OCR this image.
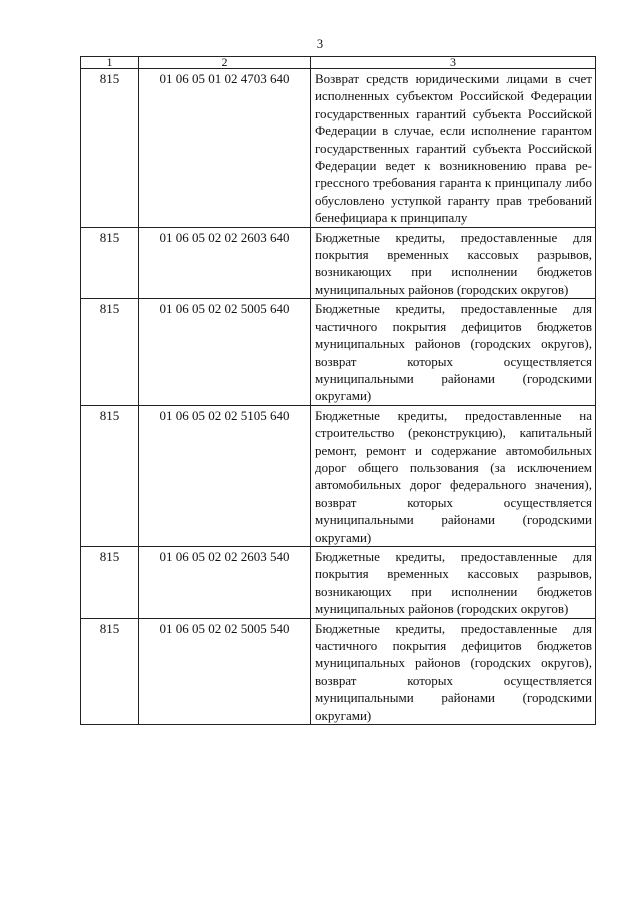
3
1	2	3

815	01 06 05 01 02 4703 640	Возврат средств юридическими лицами в счет исполненных субъектом Российской Федерации государственных гарантий субъекта Российской Федерации в случае, если исполнение гарантом государственных гарантий субъекта Российской Федерации ведет к возникновению права регрессного требования гаранта к принципалу либо обусловлено уступкой гаранту прав требований бенефициара к принципалу

815	01 06 05 02 02 2603 640	Бюджетные кредиты, предоставленные для покрытия временных кассовых разрывов, возникающих при исполнении бюджетов муниципальных районов (городских округов)

815	01 06 05 02 02 5005 640	Бюджетные кредиты, предоставленные для частичного покрытия дефицитов бюджетов муниципальных районов (городских округов), возврат которых осуществляется муниципальными районами (городскими округами)

815	01 06 05 02 02 5105 640	Бюджетные кредиты, предоставленные на строительство (реконструкцию), капитальный ремонт, ремонт и содержание автомобильных дорог общего пользования (за исключением автомобильных дорог федерального значения), возврат которых осуществляется муниципальными районами (городскими округами)

815	01 06 05 02 02 2603 540	Бюджетные кредиты, предоставленные для покрытия временных кассовых разрывов, возникающих при исполнении бюджетов муниципальных районов (городских округов)

815	01 06 05 02 02 5005 540	Бюджетные кредиты, предоставленные для частичного покрытия дефицитов бюджетов муниципальных районов (городских округов), возврат которых осуществляется муниципальными районами (городскими округами)
